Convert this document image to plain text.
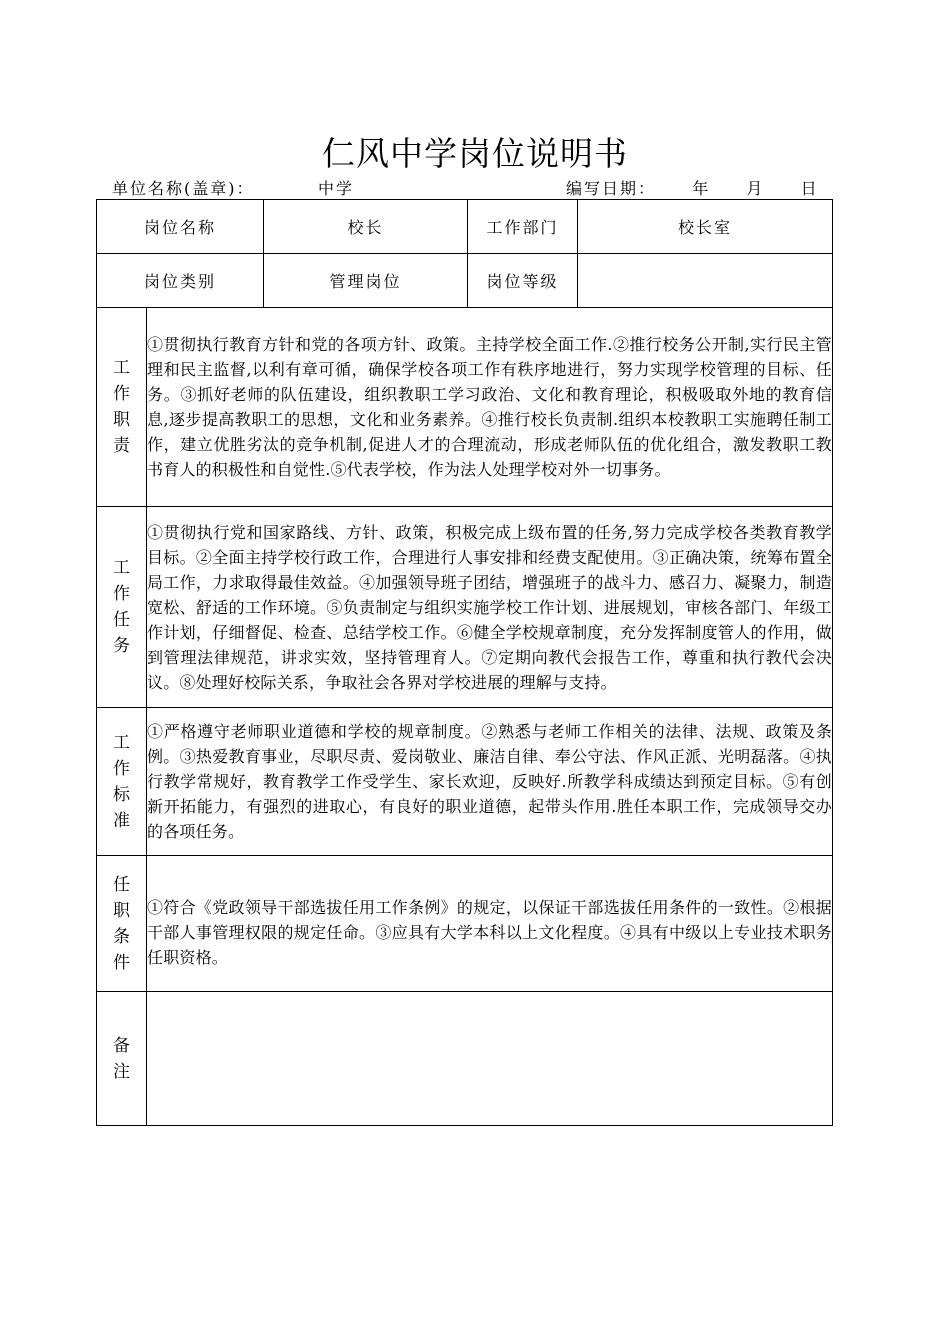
仁风中学岗位说明书
单位名称(盖章)：	中学	编写日期： 年 月 日
岗位名称		校长	工作部门	校长室
岗位类别		管理岗位	岗位等级	
工作职责	①贯彻执行教育方针和党的各项方针、政策。主持学校全面工作.②推行校务公开制,实行民主管理和民主监督,以利有章可循，确保学校各项工作有秩序地进行，努力实现学校管理的目标、任务。③抓好老师的队伍建设，组织教职工学习政治、文化和教育理论，积极吸取外地的教育信息,逐步提高教职工的思想，文化和业务素养。④推行校长负责制.组织本校教职工实施聘任制工作，建立优胜劣汰的竞争机制,促进人才的合理流动，形成老师队伍的优化组合，激发教职工教书育人的积极性和自觉性.⑤代表学校，作为法人处理学校对外一切事务。			
工作任务	①贯彻执行党和国家路线、方针、政策，积极完成上级布置的任务,努力完成学校各类教育教学目标。②全面主持学校行政工作，合理进行人事安排和经费支配使用。③正确决策，统筹布置全局工作，力求取得最佳效益。④加强领导班子团结，增强班子的战斗力、感召力、凝聚力，制造宽松、舒适的工作环境。⑤负责制定与组织实施学校工作计划、进展规划，审核各部门、年级工作计划，仔细督促、检查、总结学校工作。⑥健全学校规章制度，充分发挥制度管人的作用，做到管理法律规范，讲求实效，坚持管理育人。⑦定期向教代会报告工作，尊重和执行教代会决议。⑧处理好校际关系，争取社会各界对学校进展的理解与支持。			
工作标准	①严格遵守老师职业道德和学校的规章制度。②熟悉与老师工作相关的法律、法规、政策及条例。③热爱教育事业，尽职尽责、爱岗敬业、廉洁自律、奉公守法、作风正派、光明磊落。④执行教学常规好，教育教学工作受学生、家长欢迎，反映好.所教学科成绩达到预定目标。⑤有创新开拓能力，有强烈的进取心，有良好的职业道德，起带头作用.胜任本职工作，完成领导交办的各项任务。			
任职条件	①符合《党政领导干部选拔任用工作条例》的规定，以保证干部选拔任用条件的一致性。②根据干部人事管理权限的规定任命。③应具有大学本科以上文化程度。④具有中级以上专业技术职务任职资格。			
备注				
